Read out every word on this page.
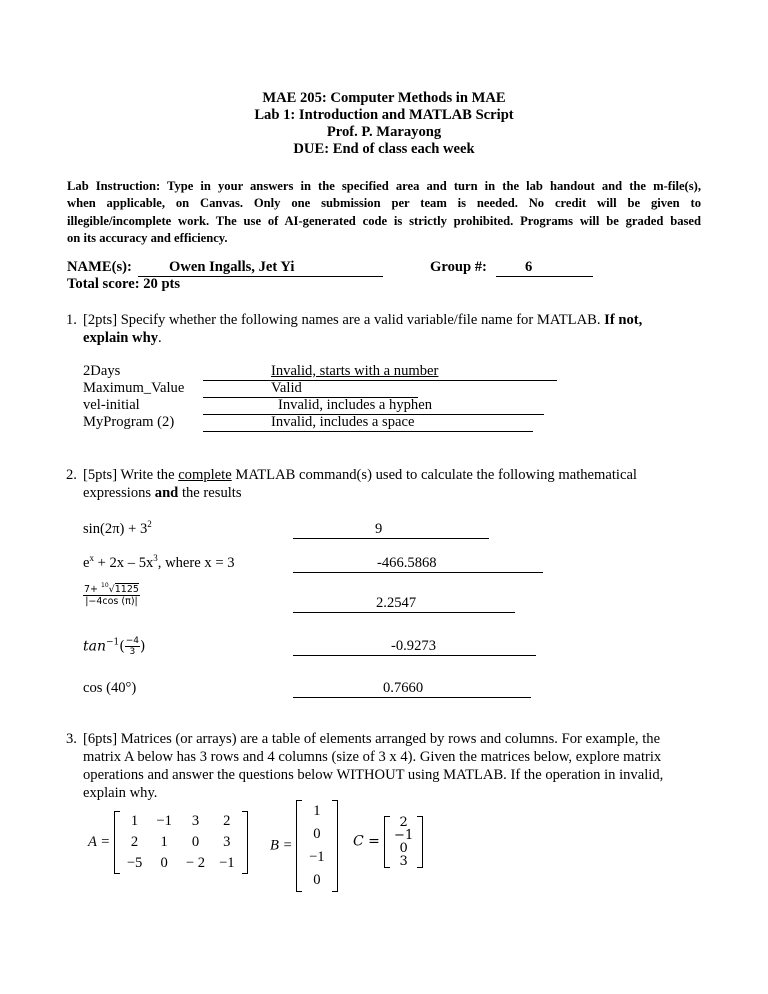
MAE 205: Computer Methods in MAE
Lab 1: Introduction and MATLAB Script
Prof. P. Marayong
DUE: End of class each week
Lab Instruction: Type in your answers in the specified area and turn in the lab handout and the m-file(s),
when applicable, on Canvas. Only one submission per team is needed. No credit will be given to
illegible/incomplete work. The use of AI-generated code is strictly prohibited. Programs will be graded based
on its accuracy and efficiency.
NAME(s):	Owen Ingalls, Jet Yi	Group #:	6
Total score: 20 pts
1. [2pts] Specify whether the following names are a valid variable/file name for MATLAB. If not,
explain why.
2Days	Invalid, starts with a number
Maximum_Value	Valid
vel-initial	Invalid, includes a hyphen
MyProgram (2)	Invalid, includes a space
2. [5pts] Write the complete MATLAB command(s) used to calculate the following mathematical
expressions and the results
$\sin(2\pi) + 3^2$	9
$e^x + 2x - 5x^3$, where x = 3	-466.5868
$\frac{7+ ^{10}√1125}{|-4\cos (\pi)|}$	2.2547
$\tan^{-1}( \frac{-4}{3}$ )	-0.9273
cos (40°)	0.7660
3. [6pts] Matrices (or arrays) are a table of elements arranged by rows and columns. For example, the
matrix A below has 3 rows and 4 columns (size of 3 x 4). Given the matrices below, explore matrix
operations and answer the questions below WITHOUT using MATLAB. If the operation in invalid,
explain why.
A =
1	−1	3	2
2	1	0	3
−5	0	− 2	−1
B =
1
0
−1
0
C =
2
−1
0
3
